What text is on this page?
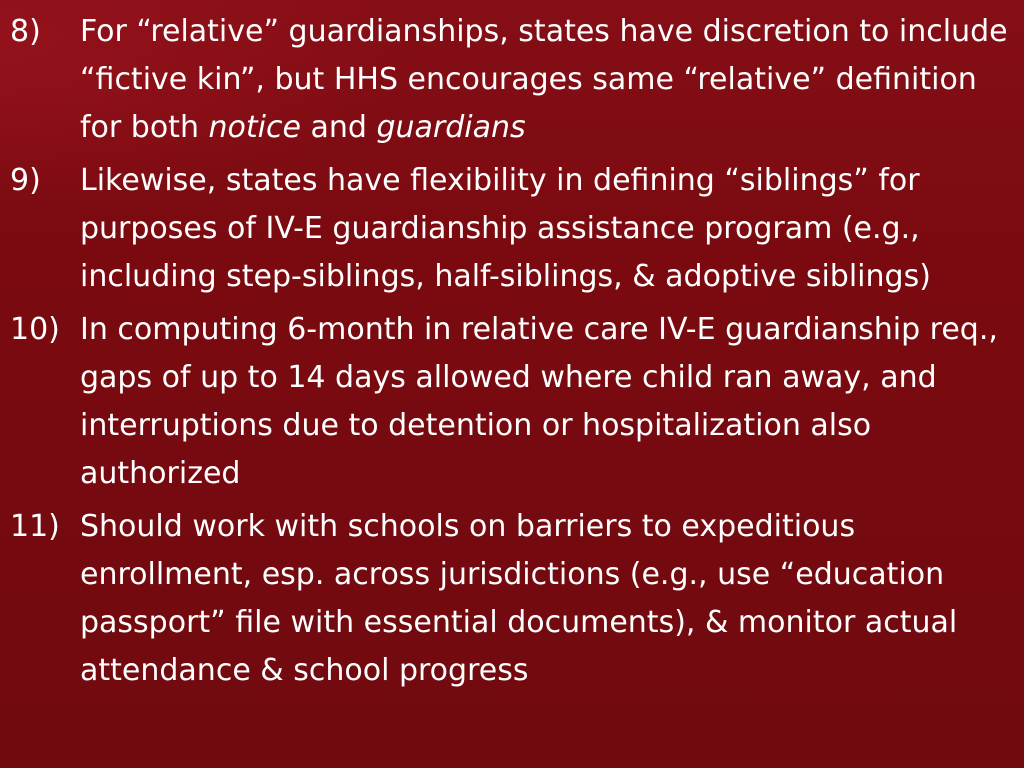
8)	For “relative” guardianships, states have discretion to include “fictive kin”, but HHS encourages same “relative” definition for both notice and guardians
9)	Likewise, states have flexibility in defining “siblings” for purposes of IV-E guardianship assistance program (e.g., including step-siblings, half-siblings, & adoptive siblings)
10) In computing 6-month in relative care IV-E guardianship req., gaps of up to 14 days allowed where child ran away, and interruptions due to detention or hospitalization also authorized
11) Should work with schools on barriers to expeditious enrollment, esp. across jurisdictions (e.g., use “education passport” file with essential documents), & monitor actual attendance & school progress
